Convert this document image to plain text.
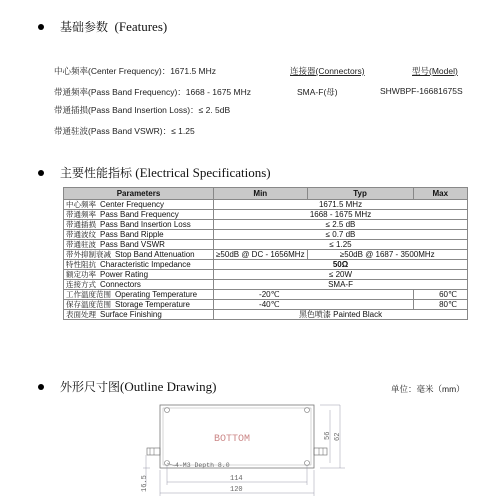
基础参数 (Features)
中心频率(Center Frequency)：1671.5 MHz
带通频率(Pass Band Frequency)：1668 - 1675 MHz
带通插损(Pass Band Insertion Loss)：≤ 2. 5dB
带通驻波(Pass Band VSWR)：≤ 1.25
连接器(Connectors)	型号(Model)
SMA-F(母)	SHWBPF-16681675S
主要性能指标 (Electrical Specifications)
Parameters	Min	Typ	Max
中心频率 Center Frequency	1671.5 MHz		
带通频率 Pass Band Frequency	1668 - 1675 MHz		
带通插损 Pass Band Insertion Loss	≤ 2.5 dB		
带通波纹 Pass Band Ripple	≤ 0.7 dB		
带通驻波 Pass Band VSWR	≤ 1.25		
带外抑制衰减 Stop Band Attenuation	≥50dB @ DC - 1656MHz	≥50dB @ 1687 - 3500MHz	
特性阻抗 Characteristic Impedance	50Ω		
额定功率 Power Rating	≤ 20W		
连接方式 Connectors	SMA-F		
工作温度范围 Operating Temperature	-20℃		60℃
保存温度范围 Storage Temperature	-40℃		80℃
表面处理 Surface Finishing	黑色喷漆 Painted Black		
外形尺寸图(Outline Drawing)	单位：毫米（mm）
BOTTOM
4-M3 Depth 8.0
56 62
16.5	114
120
